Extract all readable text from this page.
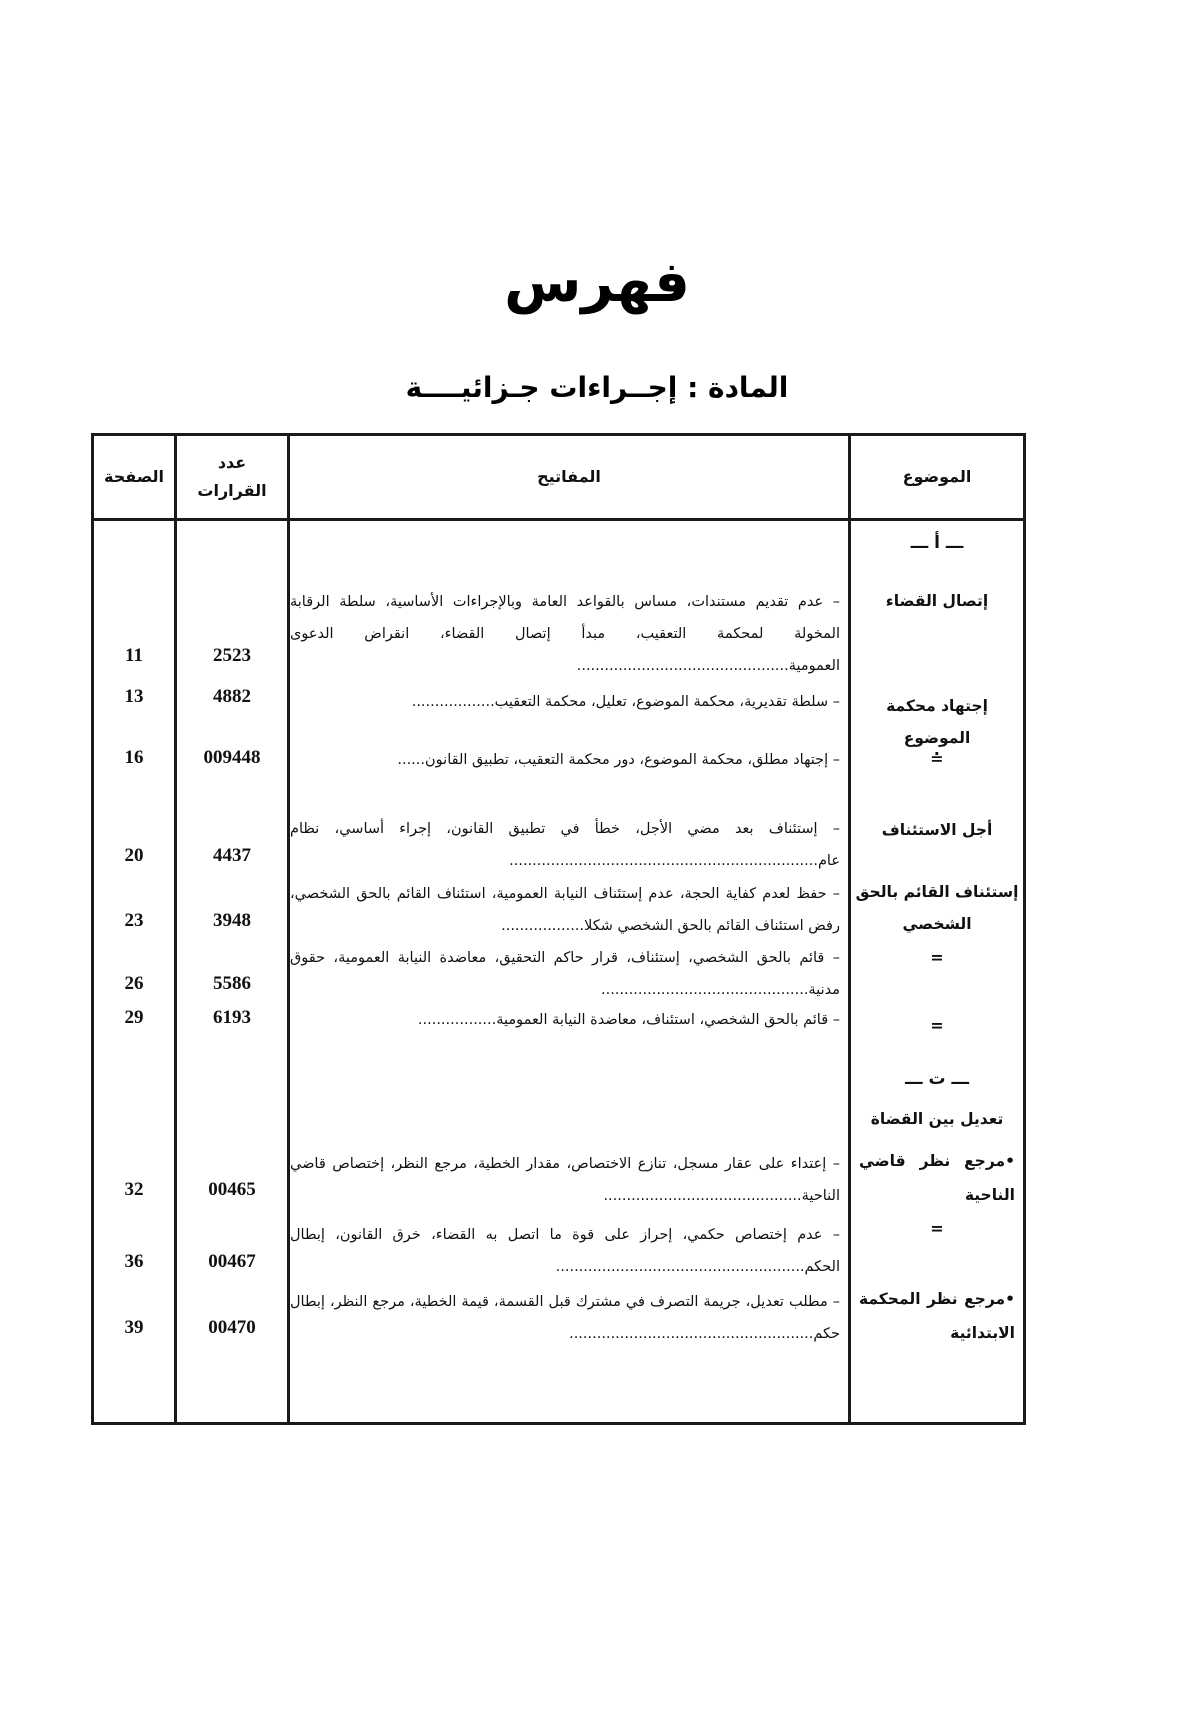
فهرس
المادة : إجــراءات جـزائيــــة
الصفحة
عدد
القرارات
المفاتيح	الموضوع
ـــ أ ـــ
إتصال القضاء
– عدم تقديم مستندات، مساس بالقواعد العامة وبالإجراءات الأساسية، سلطة الرقابة المخولة لمحكمة التعقيب، مبدأ إتصال القضاء، انقراض الدعوى العمومية..............................................
2523
11
إجتهاد محكمة الموضوع
– سلطة تقديرية، محكمة الموضوع، تعليل، محكمة التعقيب..................
4882
13
≐
– إجتهاد مطلق، محكمة الموضوع، دور محكمة التعقيب، تطبيق القانون......
009448
16
أجل الاستئناف
– إستئناف بعد مضي الأجل، خطأ في تطبيق القانون، إجراء أساسي، نظام عام...................................................................
4437
20
إستئناف القائم بالحق الشخصي
– حفظ لعدم كفاية الحجة، عدم إستئناف النيابة العمومية، استئناف القائم بالحق الشخصي، رفض استئناف القائم بالحق الشخصي شكلا..................
3948
23
=
– قائم بالحق الشخصي، إستئناف، قرار حاكم التحقيق، معاضدة النيابة العمومية، حقوق مدنية.............................................
5586
26
=
– قائم بالحق الشخصي، استئناف، معاضدة النيابة العمومية.................
6193
29
ـــ ت ـــ
تعديل بين القضاة
•مرجع نظر قاضي الناحية
– إعتداء على عقار مسجل، تنازع الاختصاص، مقدار الخطية، مرجع النظر، إختصاص قاضي الناحية...........................................
00465
32
=
– عدم إختصاص حكمي، إحراز على قوة ما اتصل به القضاء، خرق القانون، إبطال الحكم......................................................
00467
36
•مرجع نظر المحكمة الابتدائية
– مطلب تعديل، جريمة التصرف في مشترك قبل القسمة، قيمة الخطية، مرجع النظر، إبطال حكم.....................................................
00470
39
